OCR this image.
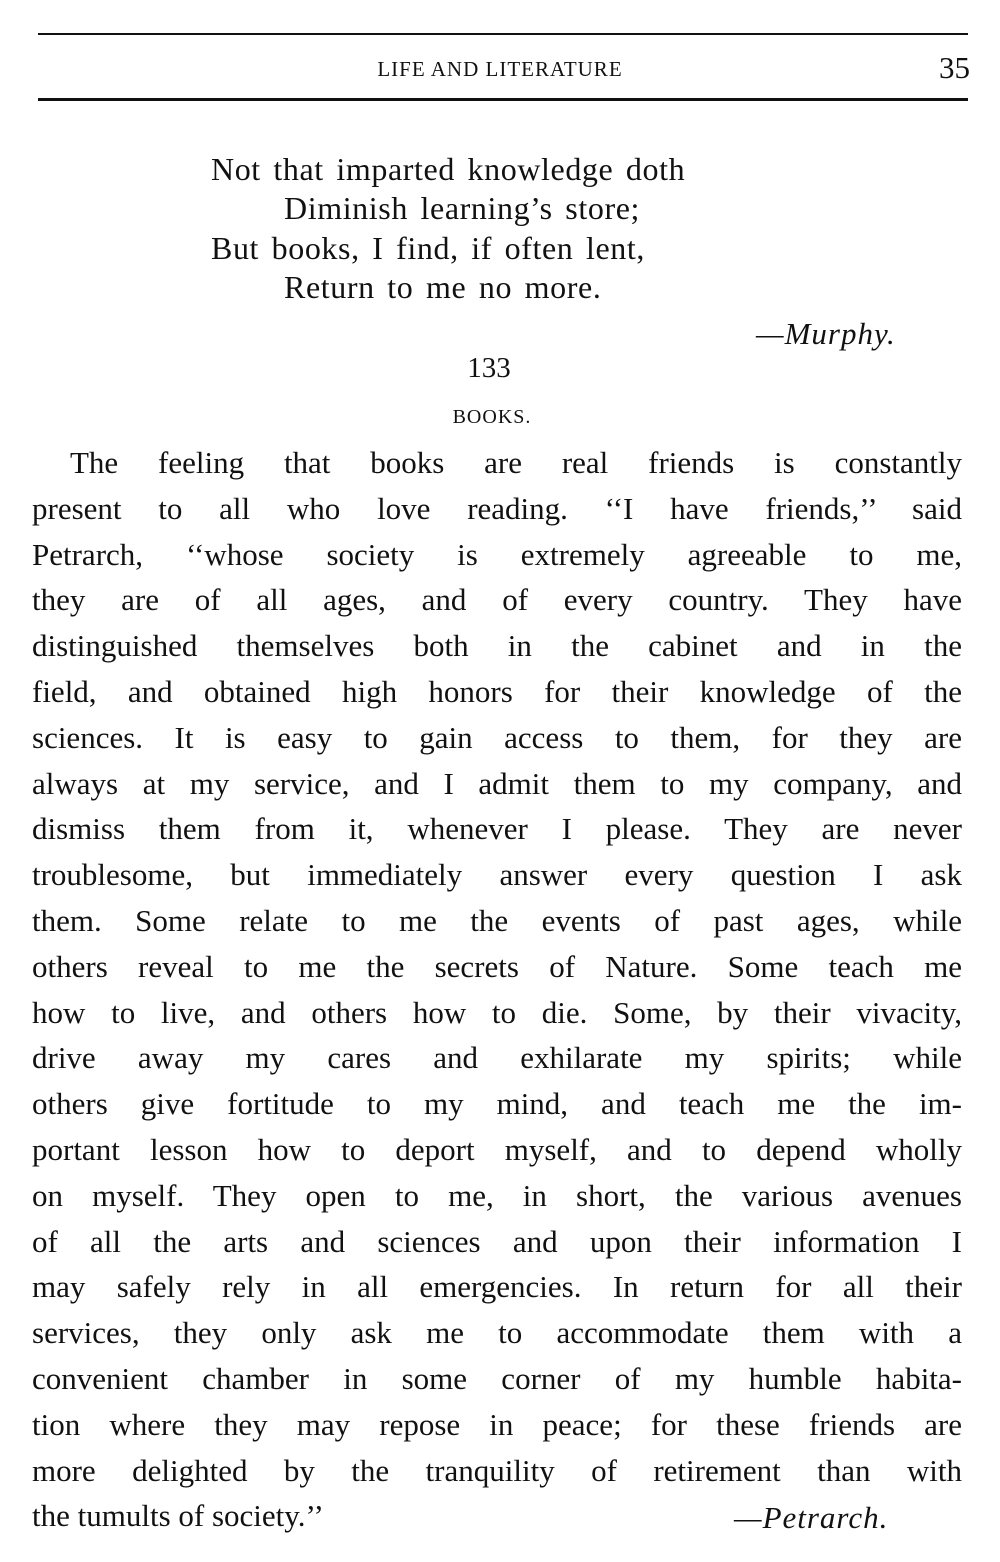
LIFE AND LITERATURE	35
Not that imparted knowledge doth
Diminish learning’s store;
But books, I find, if often lent,
Return to me no more.
—Murphy.
133
BOOKS.
The feeling that books are real friends is constantly
present to all who love reading. ‘‘I have friends,’’ said
Petrarch, ‘‘whose society is extremely agreeable to me,
they are of all ages, and of every country. They have
distinguished themselves both in the cabinet and in the
field, and obtained high honors for their knowledge of the
sciences. It is easy to gain access to them, for they are
always at my service, and I admit them to my company, and
dismiss them from it, whenever I please. They are never
troublesome, but immediately answer every question I ask
them. Some relate to me the events of past ages, while
others reveal to me the secrets of Nature. Some teach me
how to live, and others how to die. Some, by their vivacity,
drive away my cares and exhilarate my spirits; while
others give fortitude to my mind, and teach me the im-
portant lesson how to deport myself, and to depend wholly
on myself. They open to me, in short, the various avenues
of all the arts and sciences and upon their information I
may safely rely in all emergencies. In return for all their
services, they only ask me to accommodate them with a
convenient chamber in some corner of my humble habita-
tion where they may repose in peace; for these friends are
more delighted by the tranquility of retirement than with
the tumults of society.’’	—Petrarch.
